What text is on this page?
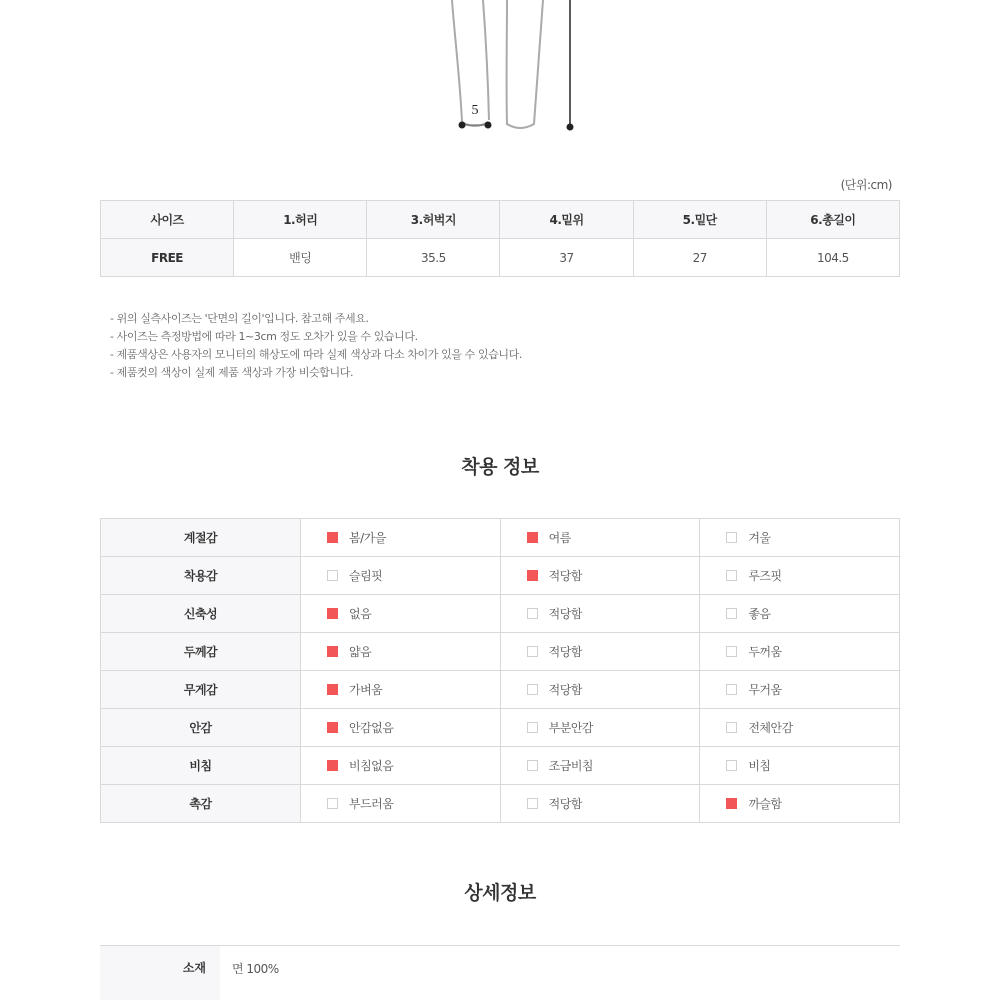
5
(단위:cm)
사이즈	1.허리	3.허벅지	4.밑위	5.밑단	6.총길이
FREE	밴딩	35.5	37	27	104.5
- 위의 실측사이즈는 '단면의 길이'입니다. 참고해 주세요.
- 사이즈는 측정방법에 따라 1~3cm 정도 오차가 있을 수 있습니다.
- 제품색상은 사용자의 모니터의 해상도에 따라 실제 색상과 다소 차이가 있을 수 있습니다.
- 제품컷의 색상이 실제 제품 색상과 가장 비슷합니다.
착용 정보
계절감	봄/가을	여름	겨울
착용감	슬림핏	적당함	루즈핏
신축성	없음	적당함	좋음
두께감	얇음	적당함	두꺼움
무게감	가벼움	적당함	무거움
안감	안감없음	부분안감	전체안감
비침	비침없음	조금비침	비침
촉감	부드러움	적당함	까슬함
상세정보
소재	면 100%
